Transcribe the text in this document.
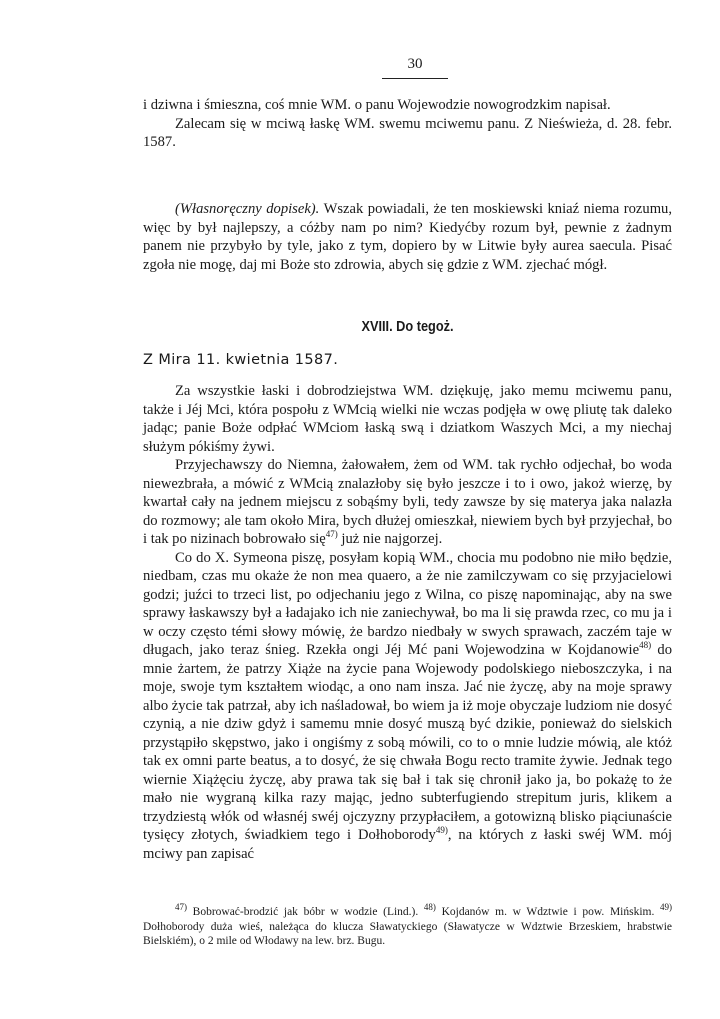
30

i dziwna i śmieszna, coś mnie WM. o panu Wojewodzie nowogrodzkim napisał.

Zalecam się w mciwą łaskę WM. swemu mciwemu panu. Z Nieświeża, d. 28. febr. 1587.

(Własnoręczny dopisek). Wszak powiadali, że ten moskiewski kniaź niema rozumu, więc by był najlepszy, a cóżby nam po nim? Kiedyćby rozum był, pewnie z żadnym panem nie przybyło by tyle, jako z tym, dopiero by w Litwie były aurea saecula. Pisać zgoła nie mogę, daj mi Boże sto zdrowia, abych się gdzie z WM. zjechać mógł.

XVIII. Do tegoż.
Z Mira 11. kwietnia 1587.

Za wszystkie łaski i dobrodziejstwa WM. dziękuję, jako memu mciwemu panu, także i Jéj Mci, która pospołu z WMcią wielki nie wczas podjęła w owę pliutę tak daleko jadąc; panie Boże odpłać WMciom łaską swą i dziatkom Waszych Mci, a my niechaj służym pókiśmy żywi.

Przyjechawszy do Niemna, żałowałem, żem od WM. tak rychło odjechał, bo woda niewezbrała, a mówić z WMcią znalazłoby się było jeszcze i to i owo, jakoż wierzę, by kwartał cały na jednem miejscu z sobąśmy byli, tedy zawsze by się materya jaka nalazła do rozmowy; ale tam około Mira, bych dłużej omieszkał, niewiem bych był przyjechał, bo i tak po nizinach bobrowało się$^{47)}$ już nie najgorzej.

Co do X. Symeona piszę, posyłam kopią WM., chocia mu podobno nie miło będzie, niedbam, czas mu okaże że non mea quaero, a że nie zamilczywam co się przyjacielowi godzi; juźci to trzeci list, po odjechaniu jego z Wilna, co piszę napominając, aby na swe sprawy łaskawszy był a ładajako ich nie zaniechywał, bo ma li się prawda rzec, co mu ja i w oczy często témi słowy mówię, że bardzo niedbały w swych sprawach, zaczém taje w długach, jako teraz śnieg. Rzekła ongi Jéj Mć pani Wojewodzina w Kojdanowie$^{48)}$ do mnie żartem, że patrzy Xiąże na życie pana Wojewody podolskiego nieboszczyka, i na moje, swoje tym kształtem wiodąc, a ono nam insza. Jać nie życzę, aby na moje sprawy albo życie tak patrzał, aby ich naśladował, bo wiem ja iż moje obyczaje ludziom nie dosyć czynią, a nie dziw gdyż i samemu mnie dosyć muszą być dzikie, ponieważ do sielskich przystąpiło skępstwo, jako i ongiśmy z sobą mówili, co to o mnie ludzie mówią, ale któż tak ex omni parte beatus, a to dosyć, że się chwała Bogu recto tramite żywie. Jednak tego wiernie Xiążęciu życzę, aby prawa tak się bał i tak się chronił jako ja, bo pokażę to że mało nie wygraną kilka razy mając, jedno subterfugiendo strepitum juris, klikem a trzydziestą włók od własnéj swéj ojczyzny przypłaciłem, a gotowizną blisko piąciunaście tysięcy złotych, świadkiem tego i Dołhoborody$^{49)}$, na których z łaski swéj WM. mój mciwy pan zapisać

$^{47)}$ Bobrować-brodzić jak bóbr w wodzie (Lind.). $^{48)}$ Kojdanów m. w Wdztwie i pow. Mińskim. $^{49)}$ Dołhoborody duża wieś, należąca do klucza Sławatyckiego (Sławatycze w Wdztwie Brzeskiem, hrabstwie Bielskiém), o 2 mile od Włodawy na lew. brz. Bugu.
